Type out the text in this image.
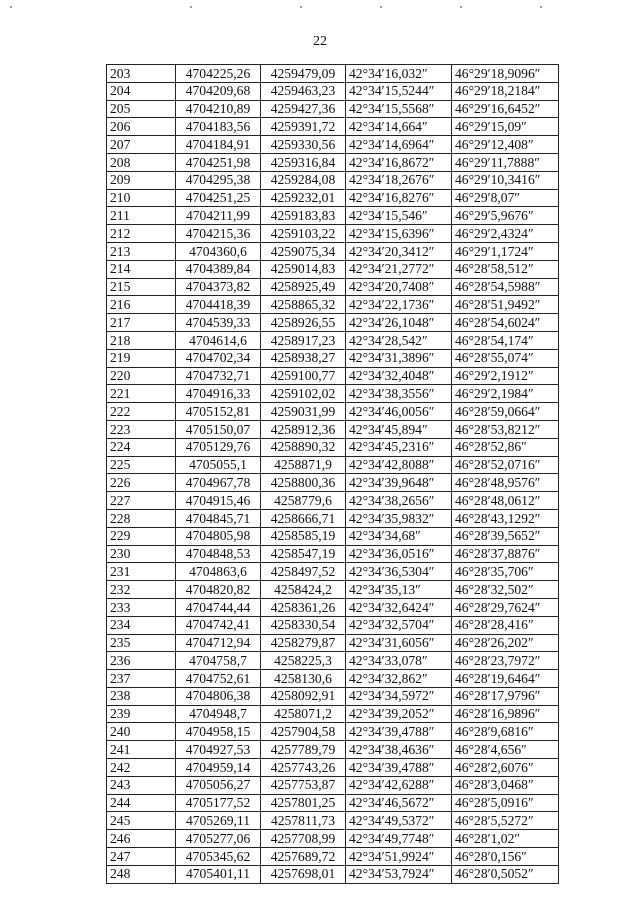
22
203	4704225,26	4259479,09	42°34′16,032″	46°29′18,9096″
204	4704209,68	4259463,23	42°34′15,5244″	46°29′18,2184″
205	4704210,89	4259427,36	42°34′15,5568″	46°29′16,6452″
206	4704183,56	4259391,72	42°34′14,664″	46°29′15,09″
207	4704184,91	4259330,56	42°34′14,6964″	46°29′12,408″
208	4704251,98	4259316,84	42°34′16,8672″	46°29′11,7888″
209	4704295,38	4259284,08	42°34′18,2676″	46°29′10,3416″
210	4704251,25	4259232,01	42°34′16,8276″	46°29′8,07″
211	4704211,99	4259183,83	42°34′15,546″	46°29′5,9676″
212	4704215,36	4259103,22	42°34′15,6396″	46°29′2,4324″
213	4704360,6	4259075,34	42°34′20,3412″	46°29′1,1724″
214	4704389,84	4259014,83	42°34′21,2772″	46°28′58,512″
215	4704373,82	4258925,49	42°34′20,7408″	46°28′54,5988″
216	4704418,39	4258865,32	42°34′22,1736″	46°28′51,9492″
217	4704539,33	4258926,55	42°34′26,1048″	46°28′54,6024″
218	4704614,6	4258917,23	42°34′28,542″	46°28′54,174″
219	4704702,34	4258938,27	42°34′31,3896″	46°28′55,074″
220	4704732,71	4259100,77	42°34′32,4048″	46°29′2,1912″
221	4704916,33	4259102,02	42°34′38,3556″	46°29′2,1984″
222	4705152,81	4259031,99	42°34′46,0056″	46°28′59,0664″
223	4705150,07	4258912,36	42°34′45,894″	46°28′53,8212″
224	4705129,76	4258890,32	42°34′45,2316″	46°28′52,86″
225	4705055,1	4258871,9	42°34′42,8088″	46°28′52,0716″
226	4704967,78	4258800,36	42°34′39,9648″	46°28′48,9576″
227	4704915,46	4258779,6	42°34′38,2656″	46°28′48,0612″
228	4704845,71	4258666,71	42°34′35,9832″	46°28′43,1292″
229	4704805,98	4258585,19	42°34′34,68″	46°28′39,5652″
230	4704848,53	4258547,19	42°34′36,0516″	46°28′37,8876″
231	4704863,6	4258497,52	42°34′36,5304″	46°28′35,706″
232	4704820,82	4258424,2	42°34′35,13″	46°28′32,502″
233	4704744,44	4258361,26	42°34′32,6424″	46°28′29,7624″
234	4704742,41	4258330,54	42°34′32,5704″	46°28′28,416″
235	4704712,94	4258279,87	42°34′31,6056″	46°28′26,202″
236	4704758,7	4258225,3	42°34′33,078″	46°28′23,7972″
237	4704752,61	4258130,6	42°34′32,862″	46°28′19,6464″
238	4704806,38	4258092,91	42°34′34,5972″	46°28′17,9796″
239	4704948,7	4258071,2	42°34′39,2052″	46°28′16,9896″
240	4704958,15	4257904,58	42°34′39,4788″	46°28′9,6816″
241	4704927,53	4257789,79	42°34′38,4636″	46°28′4,656″
242	4704959,14	4257743,26	42°34′39,4788″	46°28′2,6076″
243	4705056,27	4257753,87	42°34′42,6288″	46°28′3,0468″
244	4705177,52	4257801,25	42°34′46,5672″	46°28′5,0916″
245	4705269,11	4257811,73	42°34′49,5372″	46°28′5,5272″
246	4705277,06	4257708,99	42°34′49,7748″	46°28′1,02″
247	4705345,62	4257689,72	42°34′51,9924″	46°28′0,156″
248	4705401,11	4257698,01	42°34′53,7924″	46°28′0,5052″
